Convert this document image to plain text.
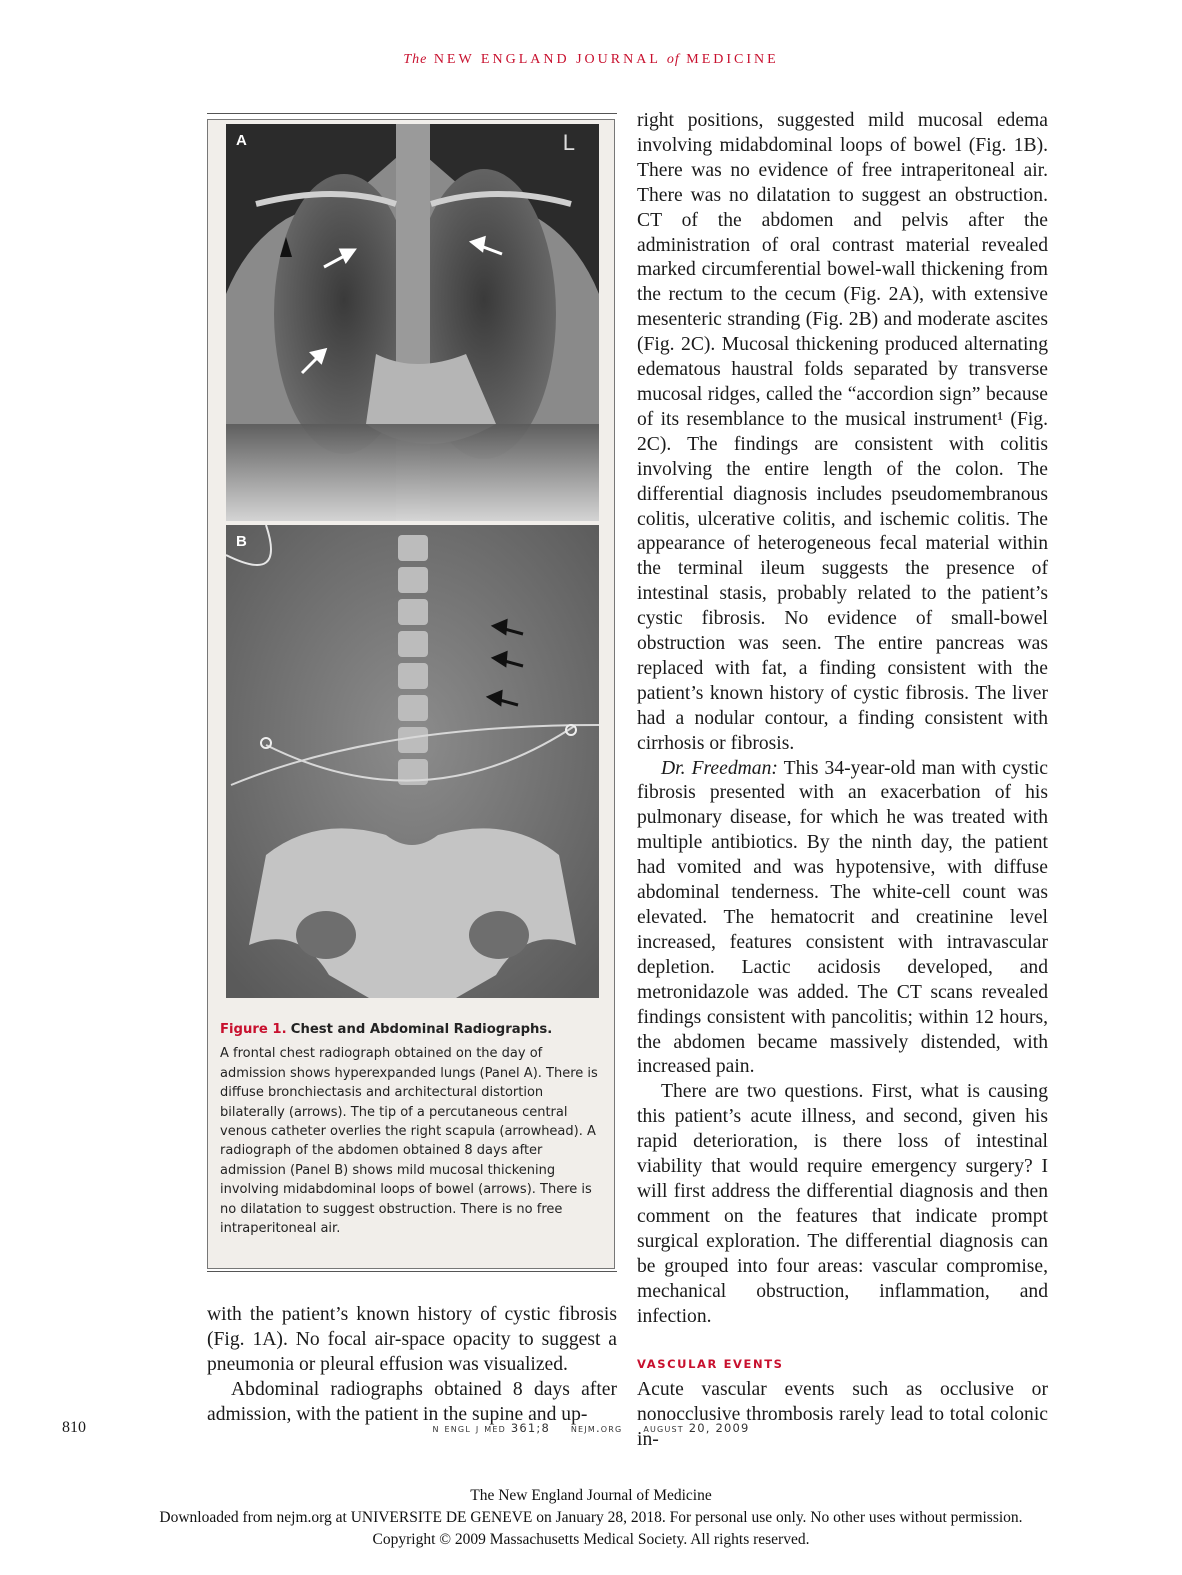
The NEW ENGLAND JOURNAL of MEDICINE
A	L
B
Figure 1. Chest and Abdominal Radiographs.
A frontal chest radiograph obtained on the day of admission shows hyperexpanded lungs (Panel A). There is diffuse bronchiectasis and architectural distortion bilaterally (arrows). The tip of a percutaneous central venous catheter overlies the right scapula (arrowhead). A radiograph of the abdomen obtained 8 days after admission (Panel B) shows mild mucosal thickening involving midabdominal loops of bowel (arrows). There is no dilatation to suggest obstruction. There is no free intraperitoneal air.

right positions, suggested mild mucosal edema involving midabdominal loops of bowel (Fig. 1B). There was no evidence of free intraperitoneal air. There was no dilatation to suggest an obstruction. CT of the abdomen and pelvis after the administration of oral contrast material revealed marked circumferential bowel-wall thickening from the rectum to the cecum (Fig. 2A), with extensive mesenteric stranding (Fig. 2B) and moderate ascites (Fig. 2C). Mucosal thickening produced alternating edematous haustral folds separated by transverse mucosal ridges, called the “accordion sign” because of its resemblance to the musical instrument¹ (Fig. 2C). The findings are consistent with colitis involving the entire length of the colon. The differential diagnosis includes pseudomembranous colitis, ulcerative colitis, and ischemic colitis. The appearance of heterogeneous fecal material within the terminal ileum suggests the presence of intestinal stasis, probably related to the patient’s cystic fibrosis. No evidence of small-bowel obstruction was seen. The entire pancreas was replaced with fat, a finding consistent with the patient’s known history of cystic fibrosis. The liver had a nodular contour, a finding consistent with cirrhosis or fibrosis.

Dr. Freedman: This 34-year-old man with cystic fibrosis presented with an exacerbation of his pulmonary disease, for which he was treated with multiple antibiotics. By the ninth day, the patient had vomited and was hypotensive, with diffuse abdominal tenderness. The white-cell count was elevated. The hematocrit and creatinine level increased, features consistent with intravascular depletion. Lactic acidosis developed, and metronidazole was added. The CT scans revealed findings consistent with pancolitis; within 12 hours, the abdomen became massively distended, with increased pain.

There are two questions. First, what is causing this patient’s acute illness, and second, given his rapid deterioration, is there loss of intestinal viability that would require emergency surgery? I will first address the differential diagnosis and then comment on the features that indicate prompt surgical exploration. The differential diagnosis can be grouped into four areas: vascular compromise, mechanical obstruction, inflammation, and infection.

VASCULAR EVENTS

Acute vascular events such as occlusive or nonocclusive thrombosis rarely lead to total colonic in-

with the patient’s known history of cystic fibrosis (Fig. 1A). No focal air-space opacity to suggest a pneumonia or pleural effusion was visualized.

Abdominal radiographs obtained 8 days after admission, with the patient in the supine and up-

810	n engl j med 361;8 nejm.org august 20, 2009
The New England Journal of Medicine
Downloaded from nejm.org at UNIVERSITE DE GENEVE on January 28, 2018. For personal use only. No other uses without permission.
Copyright © 2009 Massachusetts Medical Society. All rights reserved.
